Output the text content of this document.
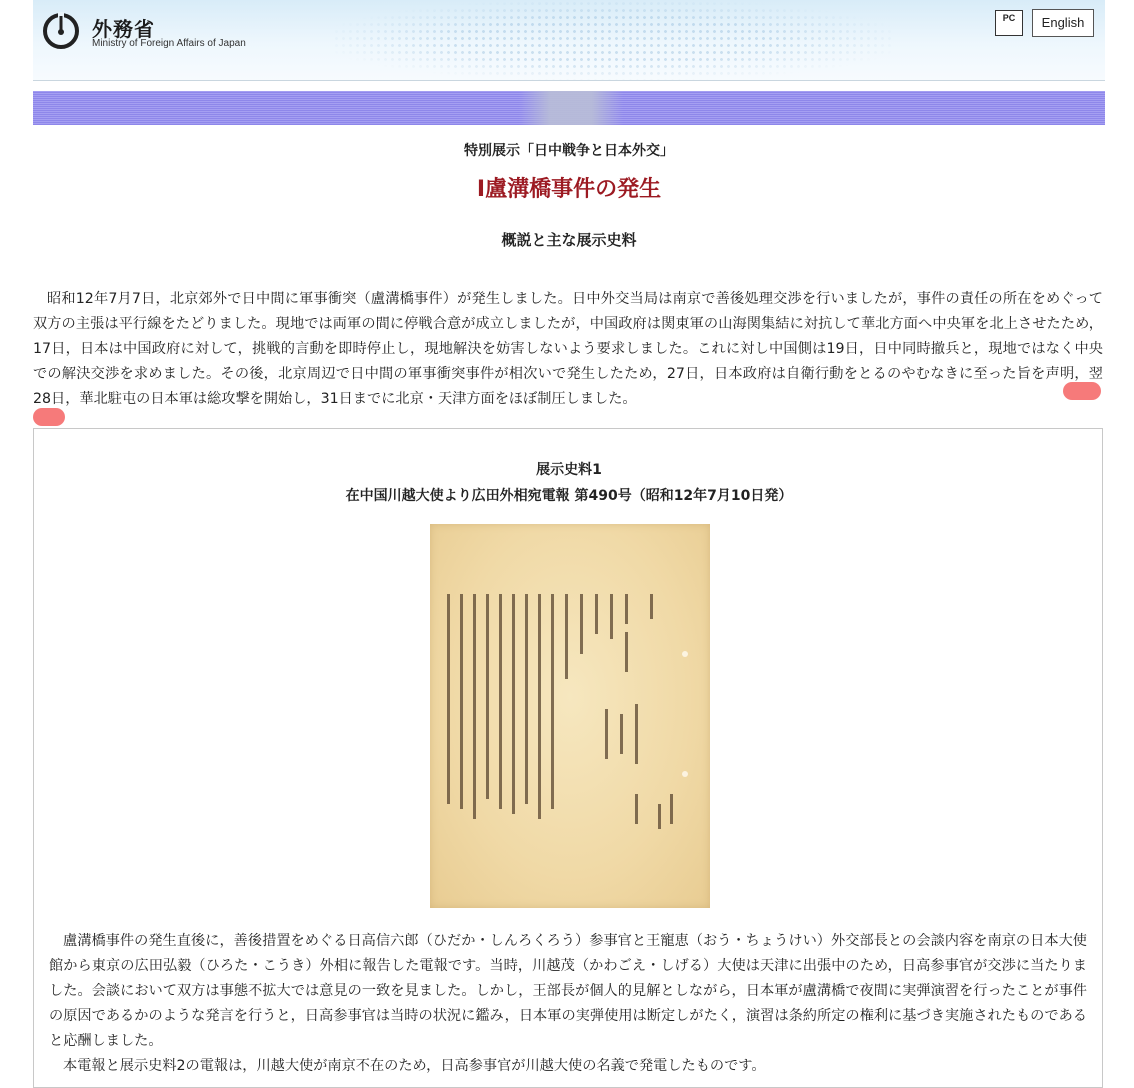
外務省
Ministry of Foreign Affairs of Japan
PC	English
特別展示「日中戦争と日本外交」
Ⅰ盧溝橋事件の発生
概説と主な展示史料

昭和12年7月7日，北京郊外で日中間に軍事衝突（盧溝橋事件）が発生しました。日中外交当局は南京で善後処理交渉を行いましたが，事件の責任の所在をめぐって双方の主張は平行線をたどりました。現地では両軍の間に停戦合意が成立しましたが，中国政府は関東軍の山海関集結に対抗して華北方面へ中央軍を北上させたため，17日，日本は中国政府に対して，挑戦的言動を即時停止し，現地解決を妨害しないよう要求しました。これに対し中国側は19日，日中同時撤兵と，現地ではなく中央での解決交渉を求めました。その後，北京周辺で日中間の軍事衝突事件が相次いで発生したため，27日，日本政府は自衛行動をとるのやむなきに至った旨を声明，翌28日，華北駐屯の日本軍は総攻撃を開始し，31日までに北京・天津方面をほぼ制圧しました。

展示史料1
在中国川越大使より広田外相宛電報 第490号（昭和12年7月10日発）

盧溝橋事件の発生直後に，善後措置をめぐる日高信六郎（ひだか・しんろくろう）参事官と王寵恵（おう・ちょうけい）外交部長との会談内容を南京の日本大使館から東京の広田弘毅（ひろた・こうき）外相に報告した電報です。当時，川越茂（かわごえ・しげる）大使は天津に出張中のため，日高参事官が交渉に当たりました。会談において双方は事態不拡大では意見の一致を見ました。しかし，王部長が個人的見解としながら，日本軍が盧溝橋で夜間に実弾演習を行ったことが事件の原因であるかのような発言を行うと，日高参事官は当時の状況に鑑み，日本軍の実弾使用は断定しがたく，演習は条約所定の権利に基づき実施されたものであると応酬しました。

本電報と展示史料2の電報は，川越大使が南京不在のため，日高参事官が川越大使の名義で発電したものです。
